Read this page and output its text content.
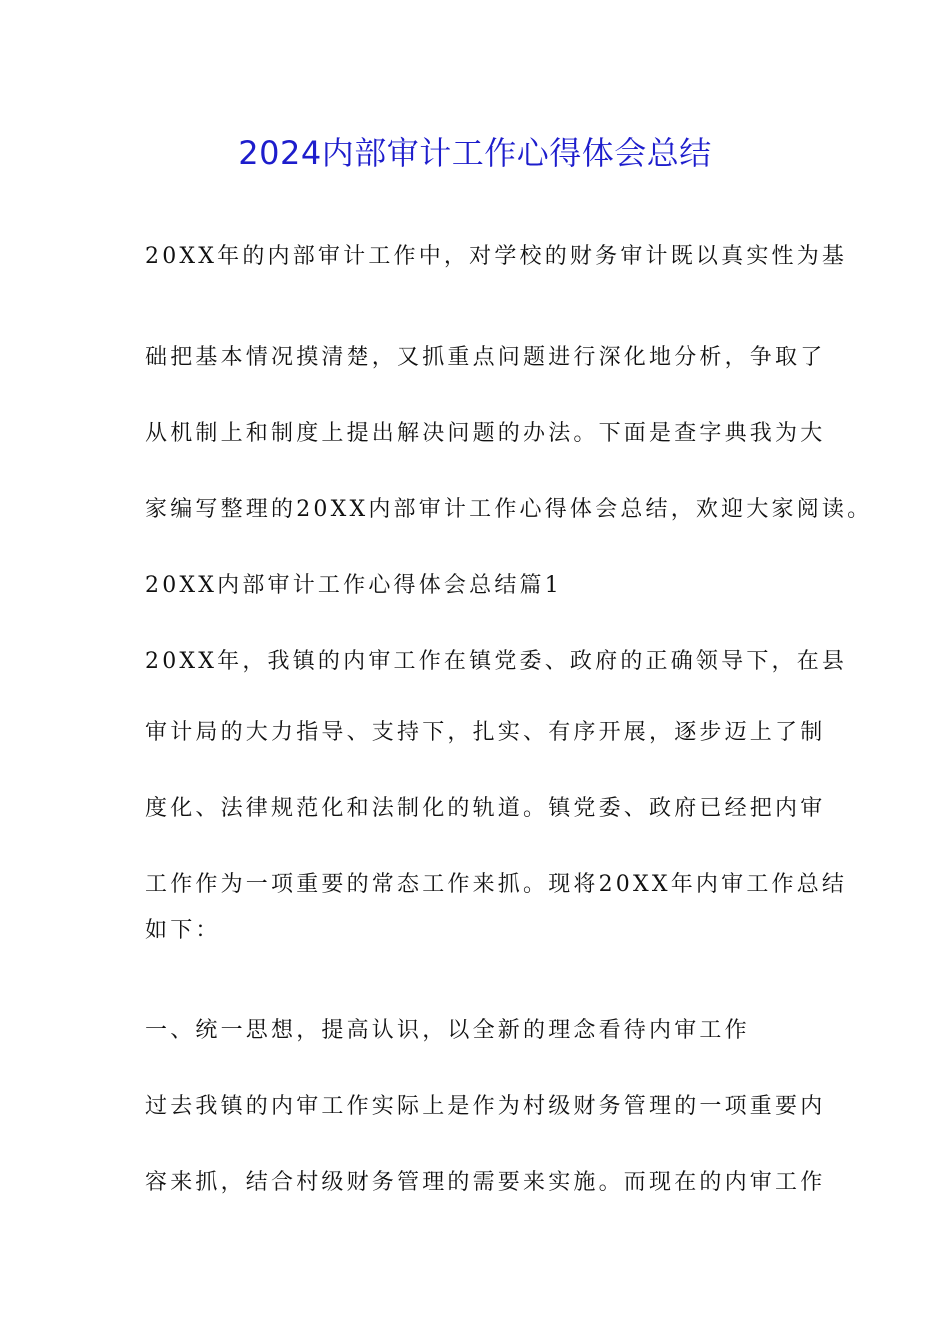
2024内部审计工作心得体会总结
20XX年的内部审计工作中，对学校的财务审计既以真实性为基
础把基本情况摸清楚，又抓重点问题进行深化地分析，争取了
从机制上和制度上提出解决问题的办法。下面是查字典我为大
家编写整理的20XX内部审计工作心得体会总结，欢迎大家阅读。
20XX内部审计工作心得体会总结篇1
20XX年，我镇的内审工作在镇党委、政府的正确领导下，在县
审计局的大力指导、支持下，扎实、有序开展，逐步迈上了制
度化、法律规范化和法制化的轨道。镇党委、政府已经把内审
工作作为一项重要的常态工作来抓。现将20XX年内审工作总结
如下：
一、统一思想，提高认识，以全新的理念看待内审工作
过去我镇的内审工作实际上是作为村级财务管理的一项重要内
容来抓，结合村级财务管理的需要来实施。而现在的内审工作
